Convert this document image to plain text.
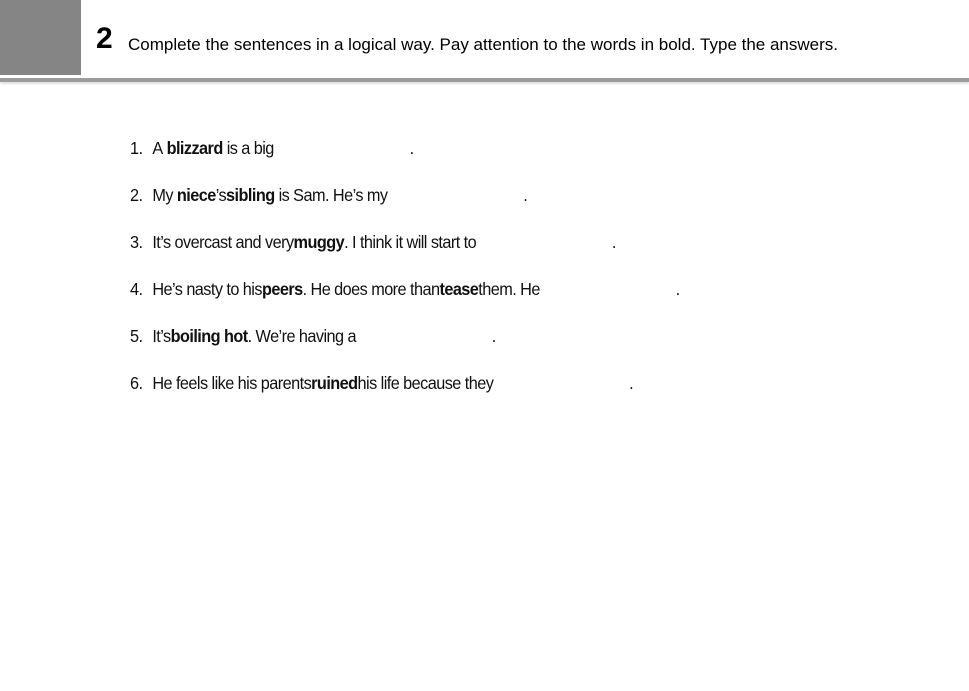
2 Complete the sentences in a logical way. Pay attention to the words in bold. Type the answers.
1. A
blizzard
is a big	.
2. My
niece ’s sibling
is Sam. He’s my	.
3. It’s overcast and very muggy . I think it will start to	.
4. He’s nasty to his peers . He does more than tease them. He	.
5. It’s boiling hot . We’re having a	.
6. He feels like his parents ruined his life because they	.
